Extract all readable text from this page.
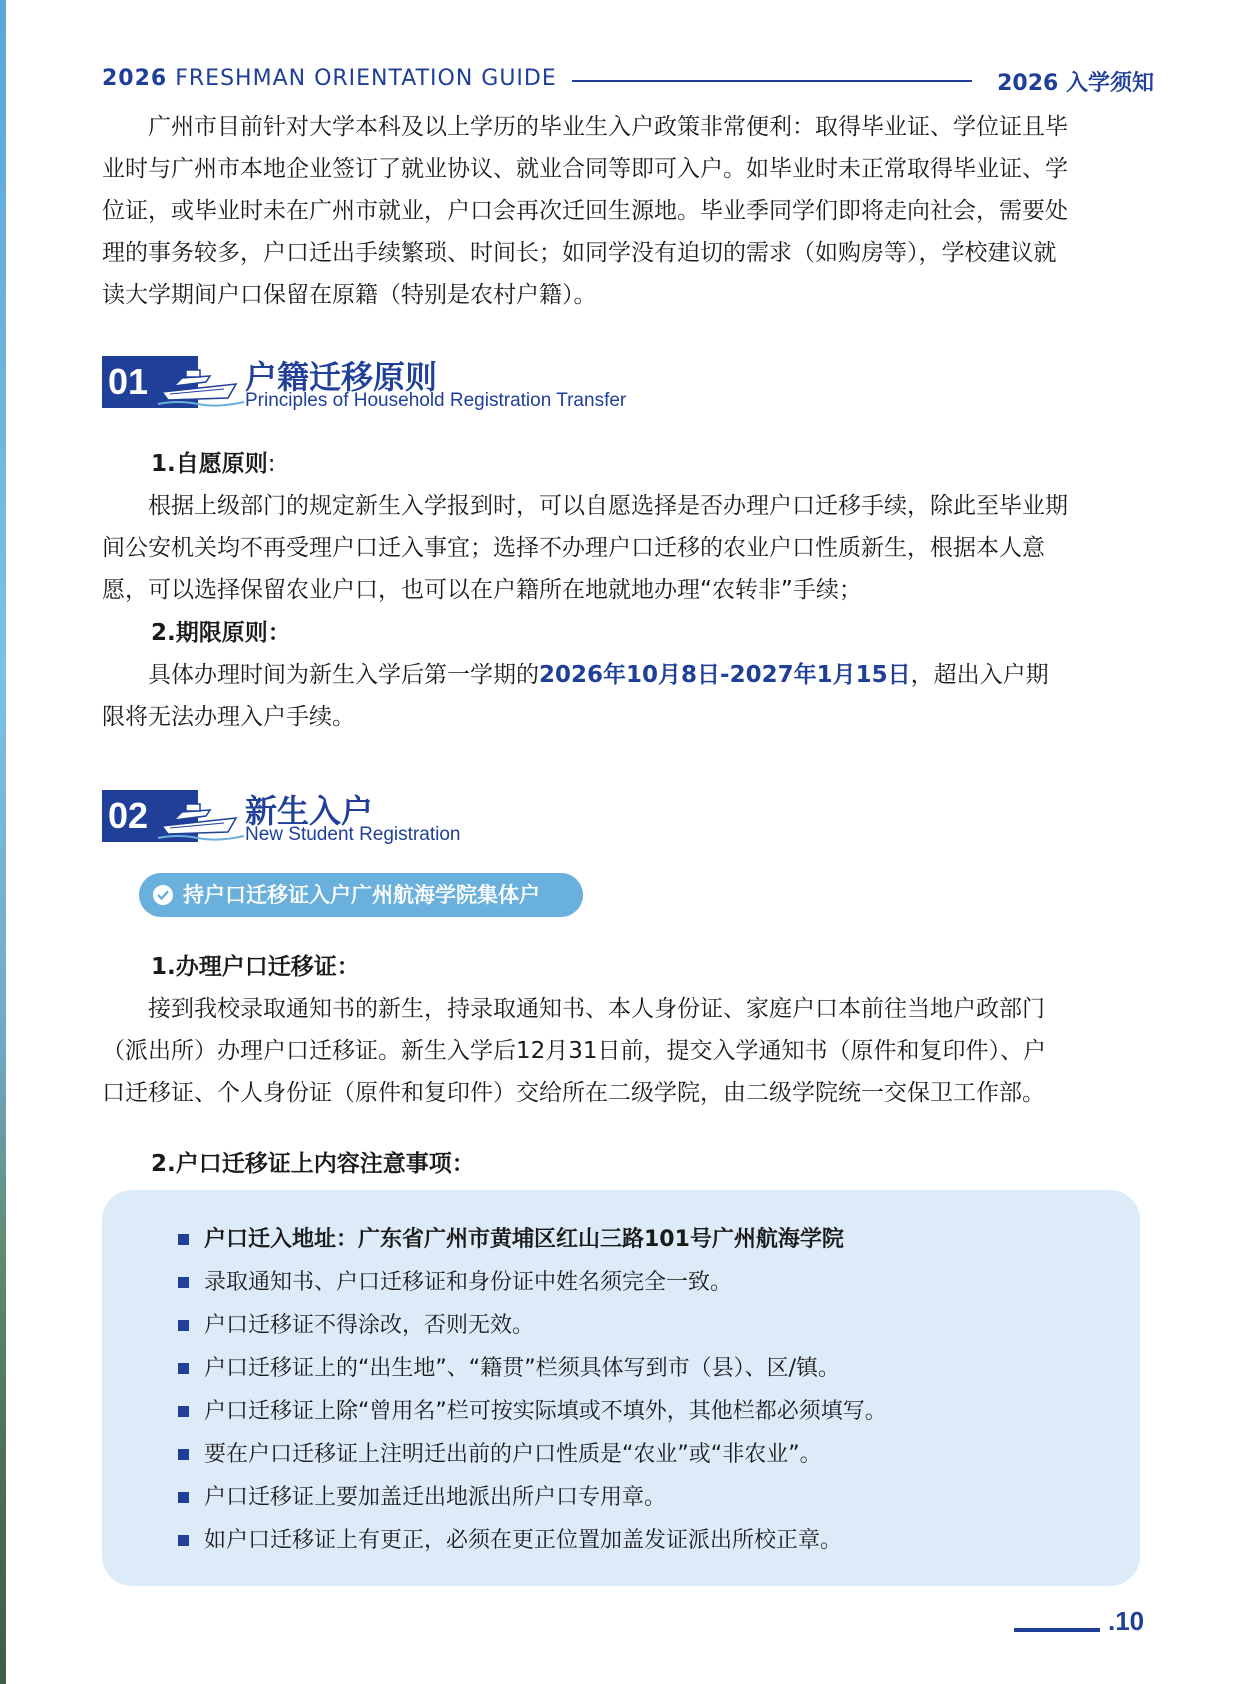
2026 FRESHMAN ORIENTATION GUIDE	2026 入学须知
广州市目前针对大学本科及以上学历的毕业生入户政策非常便利：取得毕业证、学位证且毕
业时与广州市本地企业签订了就业协议、就业合同等即可入户。如毕业时未正常取得毕业证、学
位证，或毕业时未在广州市就业，户口会再次迁回生源地。毕业季同学们即将走向社会，需要处
理的事务较多，户口迁出手续繁琐、时间长；如同学没有迫切的需求（如购房等），学校建议就
读大学期间户口保留在原籍（特别是农村户籍）。
01	户籍迁移原则
Principles of Household Registration Transfer
1.自愿原则:
根据上级部门的规定新生入学报到时，可以自愿选择是否办理户口迁移手续，除此至毕业期
间公安机关均不再受理户口迁入事宜；选择不办理户口迁移的农业户口性质新生，根据本人意
愿，可以选择保留农业户口，也可以在户籍所在地就地办理“农转非”手续；
2.期限原则：
具体办理时间为新生入学后第一学期的2026年10月8日-2027年1月15日，超出入户期
限将无法办理入户手续。
02	新生入户
New Student Registration
持户口迁移证入户广州航海学院集体户
1.办理户口迁移证：
接到我校录取通知书的新生，持录取通知书、本人身份证、家庭户口本前往当地户政部门
（派出所）办理户口迁移证。新生入学后12月31日前，提交入学通知书（原件和复印件）、户
口迁移证、个人身份证（原件和复印件）交给所在二级学院，由二级学院统一交保卫工作部。
2.户口迁移证上内容注意事项：
户口迁入地址：广东省广州市黄埔区红山三路101号广州航海学院
录取通知书、户口迁移证和身份证中姓名须完全一致。
户口迁移证不得涂改，否则无效。
户口迁移证上的“出生地”、“籍贯”栏须具体写到市（县）、区/镇。
户口迁移证上除“曾用名”栏可按实际填或不填外，其他栏都必须填写。
要在户口迁移证上注明迁出前的户口性质是“农业”或“非农业”。
户口迁移证上要加盖迁出地派出所户口专用章。
如户口迁移证上有更正，必须在更正位置加盖发证派出所校正章。
.10
